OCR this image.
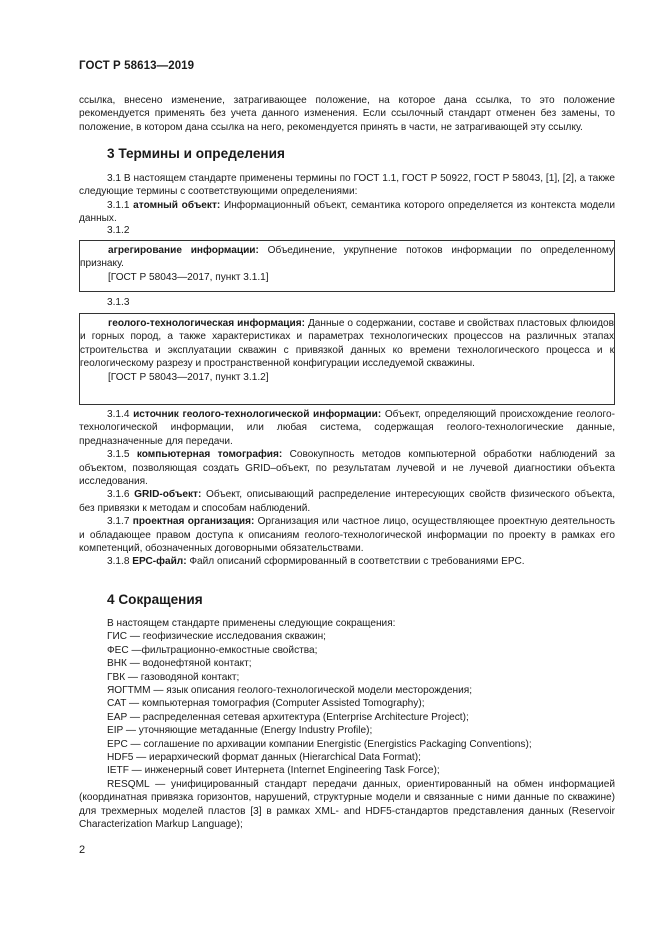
ГОСТ Р 58613—2019

ссылка, внесено изменение, затрагивающее положение, на которое дана ссылка, то это положение рекомендуется применять без учета данного изменения. Если ссылочный стандарт отменен без замены, то положение, в котором дана ссылка на него, рекомендуется принять в части, не затрагивающей эту ссылку.

3 Термины и определения

3.1 В настоящем стандарте применены термины по ГОСТ 1.1, ГОСТ Р 50922, ГОСТ Р 58043, [1], [2], а также следующие термины с соответствующими определениями:

3.1.1 атомный объект: Информационный объект, семантика которого определяется из контекста модели данных.

3.1.2

агрегирование информации: Объединение, укрупнение потоков информации по определенному признаку.

[ГОСТ Р 58043—2017, пункт 3.1.1]

3.1.3

геолого-технологическая информация: Данные о содержании, составе и свойствах пластовых флюидов и горных пород, а также характеристиках и параметрах технологических процессов на различных этапах строительства и эксплуатации скважин с привязкой данных ко времени технологического процесса и к геологическому разрезу и пространственной конфигурации исследуемой скважины.

[ГОСТ Р 58043—2017, пункт 3.1.2]

3.1.4 источник геолого-технологической информации: Объект, определяющий происхождение геолого-технологической информации, или любая система, содержащая геолого-технологические данные, предназначенные для передачи.

3.1.5 компьютерная томография: Совокупность методов компьютерной обработки наблюдений за объектом, позволяющая создать GRID–объект, по результатам лучевой и не лучевой диагностики объекта исследования.

3.1.6 GRID-объект: Объект, описывающий распределение интересующих свойств физического объекта, без привязки к методам и способам наблюдений.

3.1.7 проектная организация: Организация или частное лицо, осуществляющее проектную деятельность и обладающее правом доступа к описаниям геолого-технологической информации по проекту в рамках его компетенций, обозначенных договорными обязательствами.

3.1.8 ЕРС-файл: Файл описаний сформированный в соответствии с требованиями ЕРС.

4 Сокращения
В настоящем стандарте применены следующие сокращения:
ГИС — геофизические исследования скважин;
ФЕС —фильтрационно-емкостные свойства;
ВНК — водонефтяной контакт;
ГВК — газоводяной контакт;
ЯОГТММ — язык описания геолого-технологической модели месторождения;
CAT — компьютерная томография (Computer Assisted Tomography);
EAP — распределенная сетевая архитектура (Enterprise Architecture Project);
EIP — уточняющие метаданные (Energy Industry Profile);
EPC — соглашение по архивации компании Energistic (Energistics Packaging Conventions);
HDF5 — иерархический формат данных (Hierarchical Data Format);
IETF — инженерный совет Интернета (Internet Engineering Task Force);
RESQML — унифицированный стандарт передачи данных, ориентированный на обмен информацией (координатная привязка горизонтов, нарушений, структурные модели и связанные с ними данные по скважине) для трехмерных моделей пластов [3] в рамках XML- and HDF5-стандартов представления данных (Reservoir Characterization Markup Language);
2
